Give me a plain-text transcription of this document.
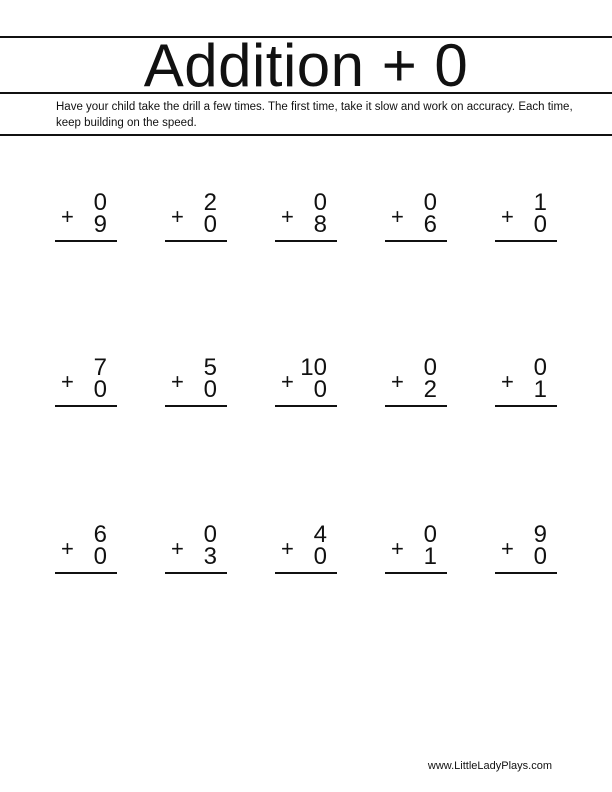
Addition + 0
Have your child take the drill a few times. The first time, take it slow and work on accuracy. Each time, keep building on the speed.
0
+ 9
2
+ 0
0
+ 8
0
+ 6
1
+ 0
7
+ 0
5
+ 0
10
+ 0
0
+ 2
0
+ 1
6
+ 0
0
+ 3
4
+ 0
0
+ 1
9
+ 0
www.LittleLadyPlays.com
